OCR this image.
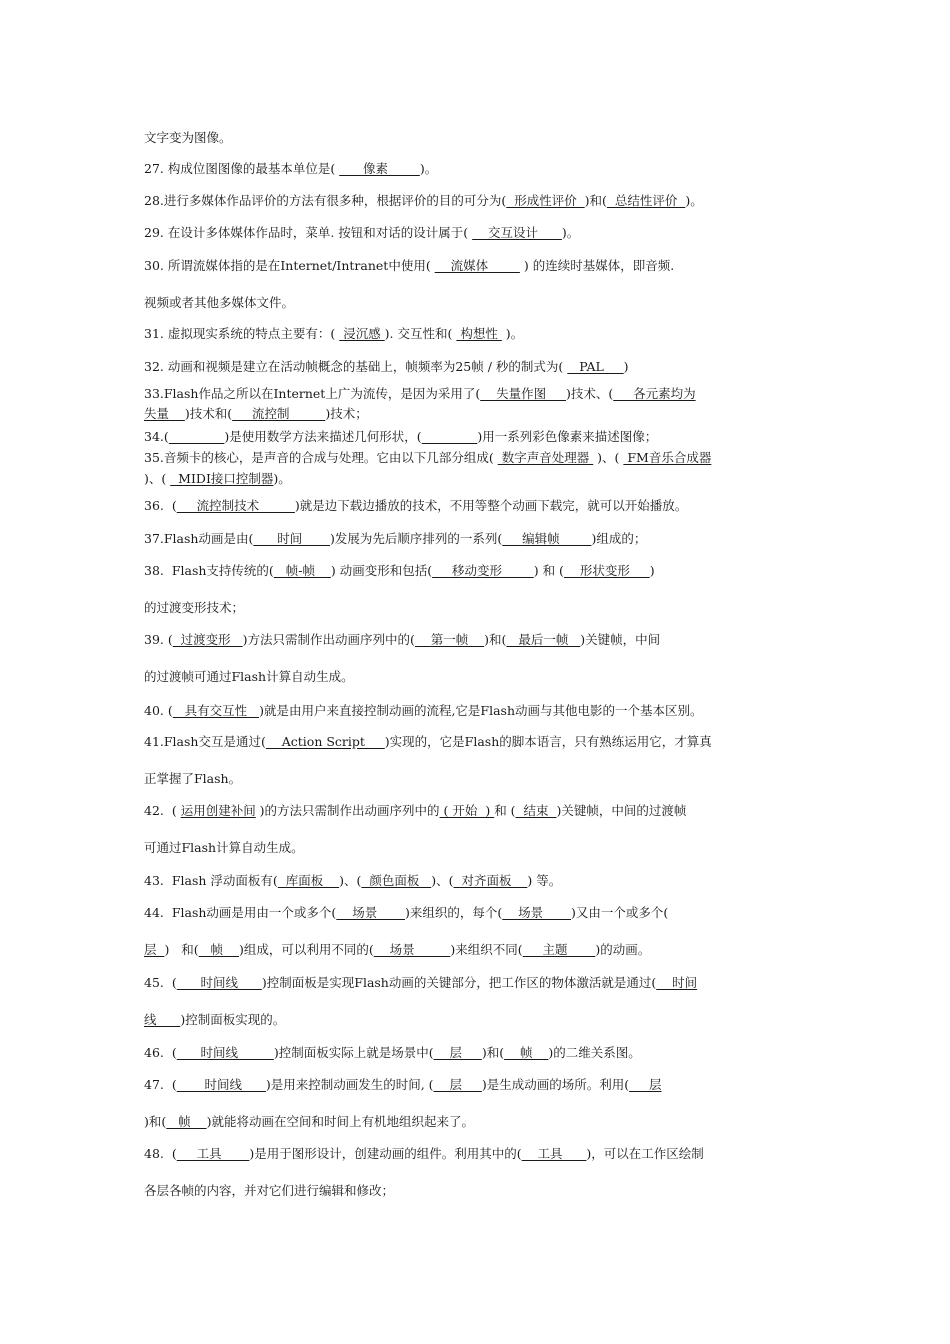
文字变为图像。
27. 构成位图图像的最基本单位是(       像素        )。
28.进行多媒体作品评价的方法有很多种，根据评价的目的可分为(  形成性评价  )和(  总结性评价  )。
29. 在设计多体媒体作品时，菜单. 按钮和对话的设计属于(     交互设计      )。
30. 所谓流媒体指的是在Internet/Intranet中使用(     流媒体         ) 的连续时基媒体，即音频.
视频或者其他多媒体文件。
31. 虚拟现实系统的特点主要有：(  浸沉感 ). 交互性和(  构想性  )。
32. 动画和视频是建立在活动帧概念的基础上，帧频率为25帧 / 秒的制式为(    PAL     )
33.Flash作品之所以在Internet上广为流传，是因为采用了(    失量作图     )技术、(     各元素均为
失量    )技术和(     流控制         )技术；
34.(	)是使用数学方法来描述几何形状，(	)用一系列彩色像素来描述图像；
35.音频卡的核心，是声音的合成与处理。它由以下几部分组成(  数字声音处理器  )、(  FM音乐合成器
)、(   MIDI接口控制器)。
36.  (     流控制技术         )就是边下载边播放的技术，不用等整个动画下载完，就可以开始播放。
37.Flash动画是由(      时间       )发展为先后顺序排列的一系列(     编辑帧        )组成的；
38.  Flash支持传统的(   帧-帧    ) 动画变形和包括(     移动变形        ) 和 (    形状变形     )
的过渡变形技术；
39. (  过渡变形   )方法只需制作出动画序列中的(    第一帧    )和(   最后一帧   )关键帧，中间
的过渡帧可通过Flash计算自动生成。
40. (   具有交互性   )就是由用户来直接控制动画的流程,它是Flash动画与其他电影的一个基本区别。
41.Flash交互是通过(    Action Script     )实现的，它是Flash的脚本语言，只有熟练运用它，才算真
正掌握了Flash。
42.  ( 运用创建补间 )的方法只需制作出动画序列中的 ( 开始  ) 和 (  结束  )关键帧，中间的过渡帧
可通过Flash计算自动生成。
43.  Flash 浮动面板有(  库面板    )、(  颜色面板   )、(  对齐面板    ) 等。
44.  Flash动画是用由一个或多个(    场景       )来组织的，每个(    场景       )又由一个或多个(
层  )   和(   帧    )组成，可以利用不同的(    场景         )来组织不同(     主题       )的动画。
45.  (      时间线      )控制面板是实现Flash动画的关键部分，把工作区的物体激活就是通过(    时间
线      )控制面板实现的。
46.  (      时间线         )控制面板实际上就是场景中(    层     )和(    帧    )的二维关系图。
47.  (       时间线      )是用来控制动画发生的时间, (    层     )是生成动画的场所。利用(     层
)和(   帧    )就能将动画在空间和时间上有机地组织起来了。
48.  (     工具       )是用于图形设计，创建动画的组件。利用其中的(    工具      )，可以在工作区绘制
各层各帧的内容，并对它们进行编辑和修改；
